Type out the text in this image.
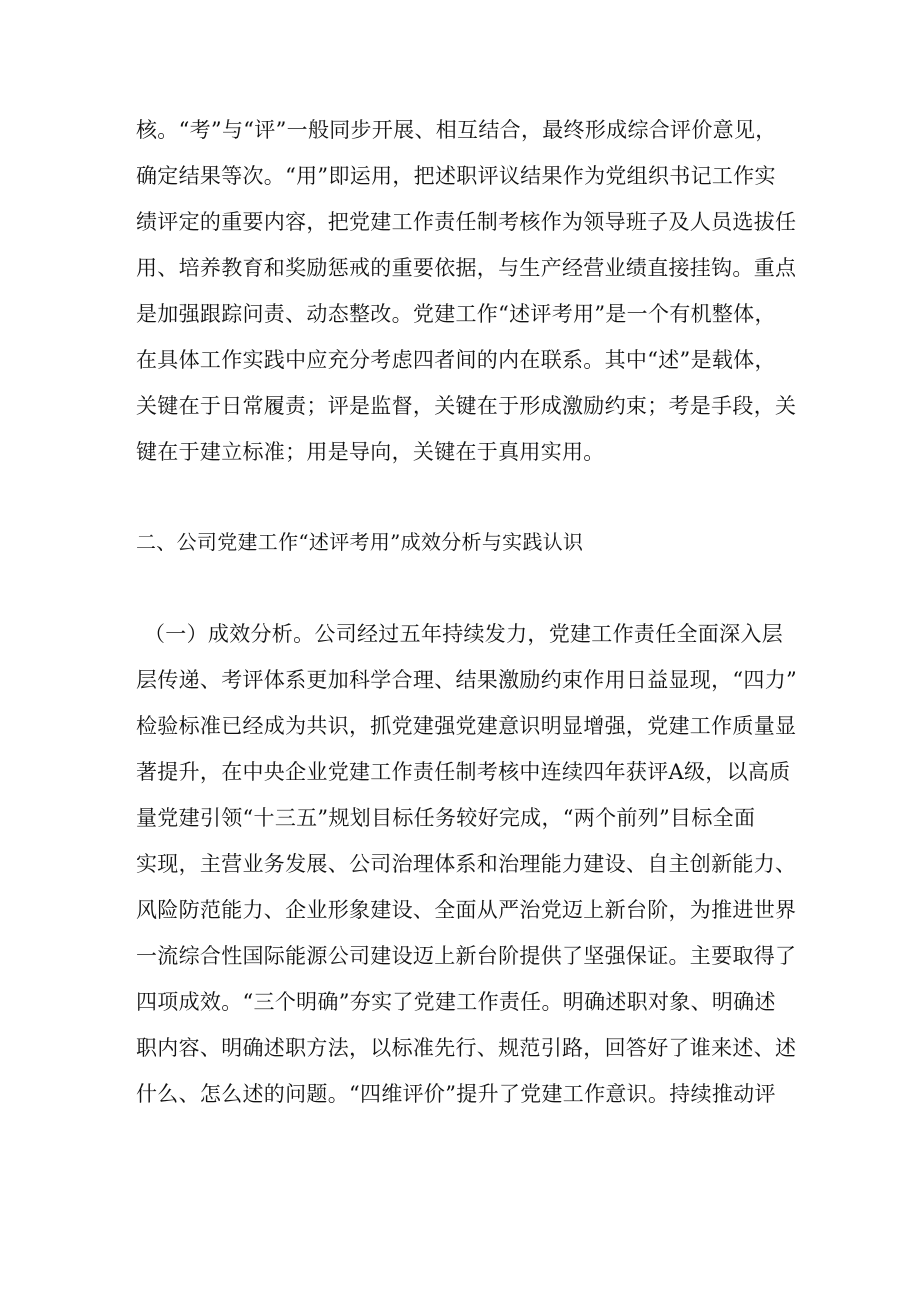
核。“考”与“评”一般同步开展、相互结合，最终形成综合评价意见，
确定结果等次。“用”即运用，把述职评议结果作为党组织书记工作实
绩评定的重要内容，把党建工作责任制考核作为领导班子及人员选拔任
用、培养教育和奖励惩戒的重要依据，与生产经营业绩直接挂钩。重点
是加强跟踪问责、动态整改。党建工作“述评考用”是一个有机整体，
在具体工作实践中应充分考虑四者间的内在联系。其中“述”是载体，
关键在于日常履责；评是监督，关键在于形成激励约束；考是手段，关
键在于建立标准；用是导向，关键在于真用实用。
二、公司党建工作“述评考用”成效分析与实践认识
（一）成效分析。公司经过五年持续发力，党建工作责任全面深入层
层传递、考评体系更加科学合理、结果激励约束作用日益显现，“四力”
检验标准已经成为共识，抓党建强党建意识明显增强，党建工作质量显
著提升，在中央企业党建工作责任制考核中连续四年获评A级，以高质
量党建引领“十三五”规划目标任务较好完成，“两个前列”目标全面
实现，主营业务发展、公司治理体系和治理能力建设、自主创新能力、
风险防范能力、企业形象建设、全面从严治党迈上新台阶，为推进世界
一流综合性国际能源公司建设迈上新台阶提供了坚强保证。主要取得了
四项成效。“三个明确”夯实了党建工作责任。明确述职对象、明确述
职内容、明确述职方法，以标准先行、规范引路，回答好了谁来述、述
什么、怎么述的问题。“四维评价”提升了党建工作意识。持续推动评
